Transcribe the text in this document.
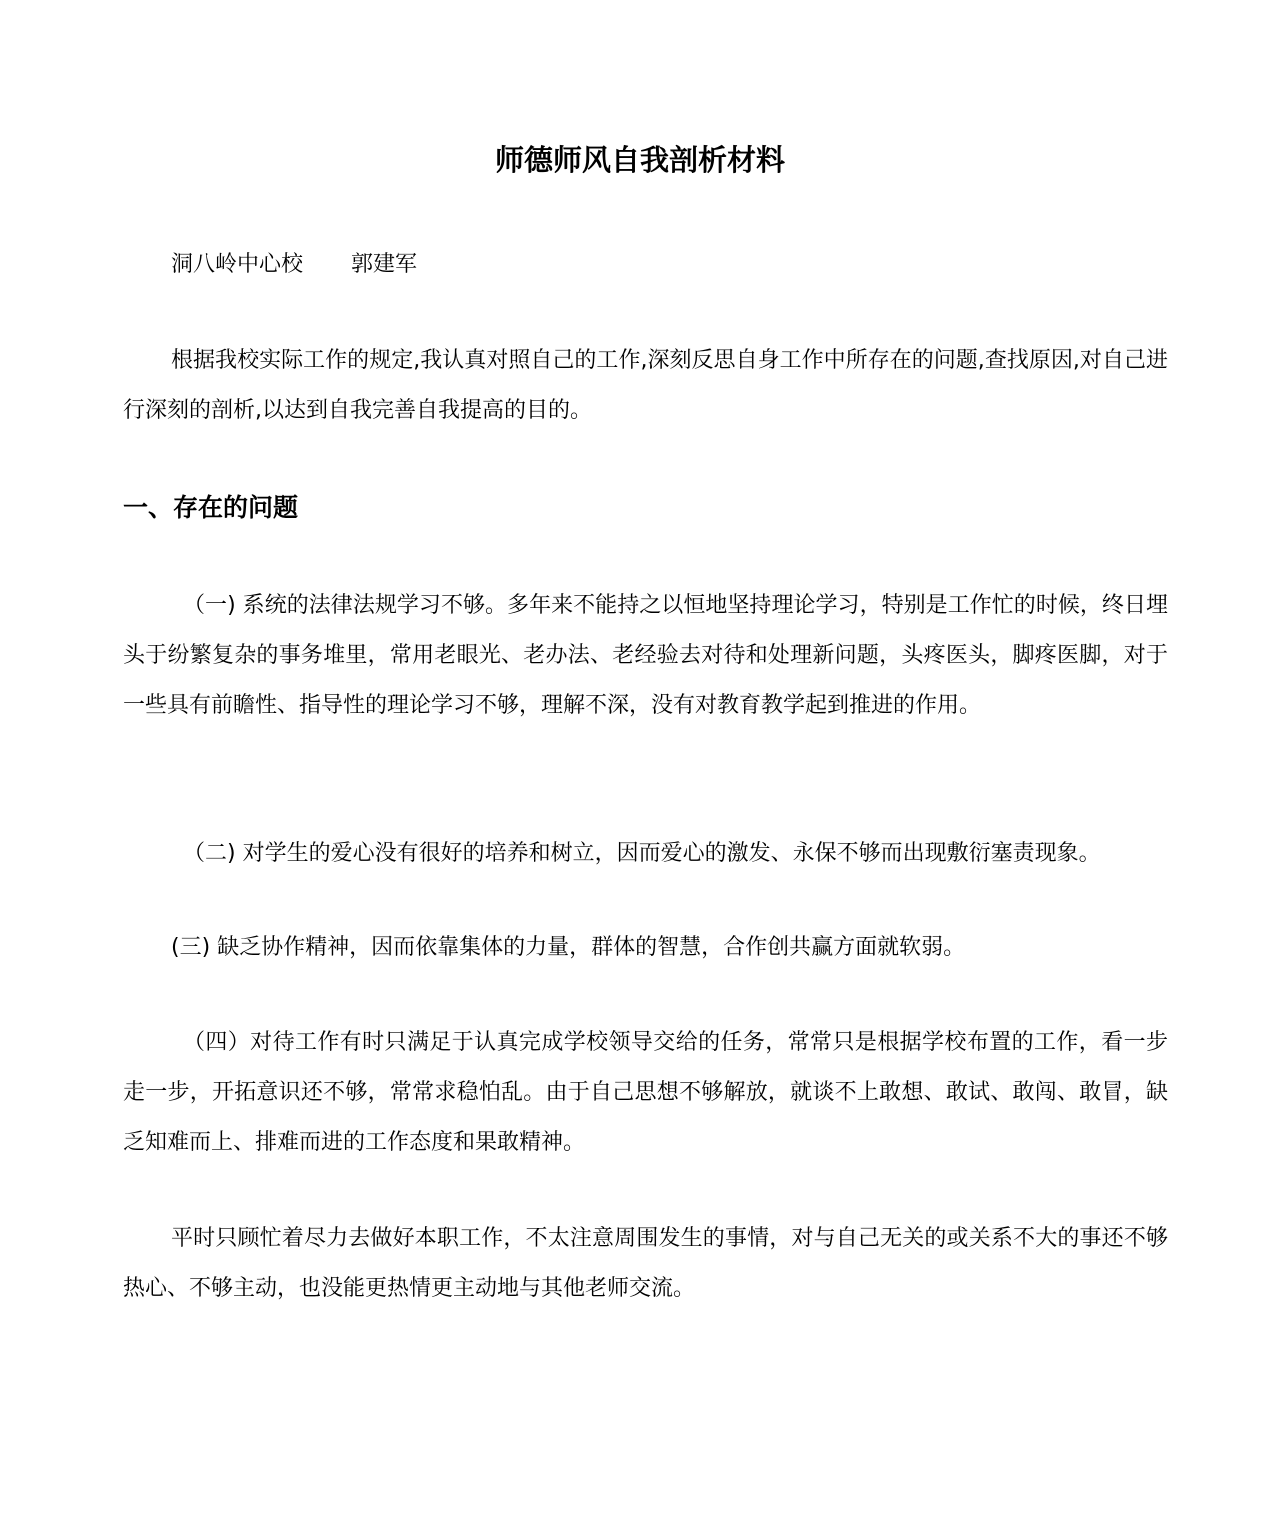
师德师风自我剖析材料
洞八岭中心校 郭建军

根据我校实际工作的规定,我认真对照自己的工作,深刻反思自身工作中所存在的问题,查找原因,对自己进行深刻的剖析,以达到自我完善自我提高的目的。

一、存在的问题

（一) 系统的法律法规学习不够。多年来不能持之以恒地坚持理论学习，特别是工作忙的时候，终日埋头于纷繁复杂的事务堆里，常用老眼光、老办法、老经验去对待和处理新问题，头疼医头，脚疼医脚，对于一些具有前瞻性、指导性的理论学习不够，理解不深，没有对教育教学起到推进的作用。

（二) 对学生的爱心没有很好的培养和树立，因而爱心的激发、永保不够而出现敷衍塞责现象。

(三) 缺乏协作精神，因而依靠集体的力量，群体的智慧，合作创共赢方面就软弱。

（四）对待工作有时只满足于认真完成学校领导交给的任务，常常只是根据学校布置的工作，看一步走一步，开拓意识还不够，常常求稳怕乱。由于自己思想不够解放，就谈不上敢想、敢试、敢闯、敢冒，缺乏知难而上、排难而进的工作态度和果敢精神。

平时只顾忙着尽力去做好本职工作，不太注意周围发生的事情，对与自己无关的或关系不大的事还不够热心、不够主动，也没能更热情更主动地与其他老师交流。
